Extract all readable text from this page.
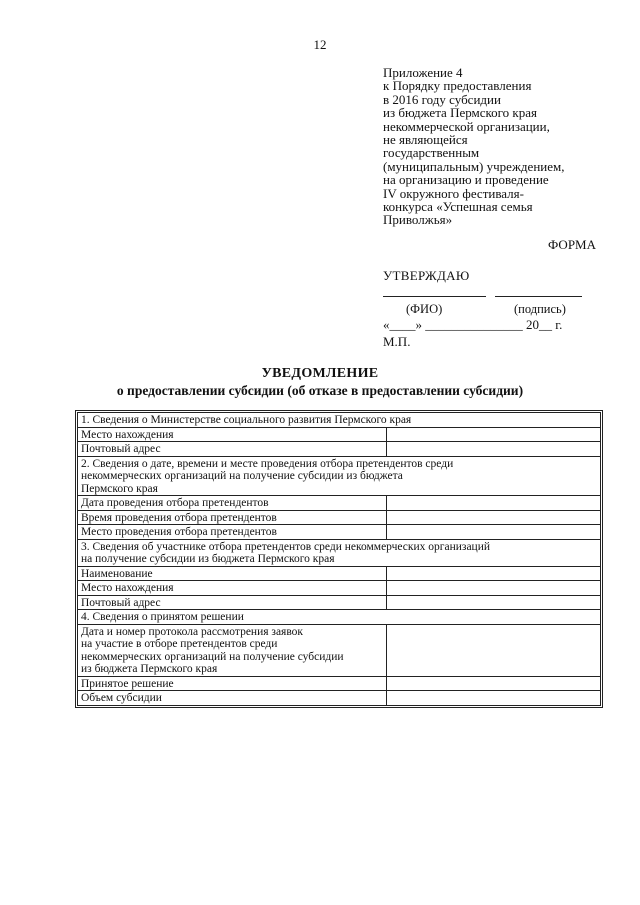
12
Приложение 4
к Порядку предоставления
в 2016 году субсидии
из бюджета Пермского края
некоммерческой организации,
не являющейся
государственным
(муниципальным) учреждением,
на организацию и проведение
IV окружного фестиваля-
конкурса «Успешная семья
Приволжья»
ФОРМА
УТВЕРЖДАЮ
(ФИО)	(подпись)
«____» _______________ 20__ г.
М.П.
УВЕДОМЛЕНИЕ
о предоставлении субсидии (об отказе в предоставлении субсидии)
1. Сведения о Министерстве социального развития Пермского края	
Место нахождения	
Почтовый адрес	
2. Сведения о дате, времени и месте проведения отбора претендентов среди
некоммерческих организаций на получение субсидии из бюджета
Пермского края	
Дата проведения отбора претендентов	
Время проведения отбора претендентов	
Место проведения отбора претендентов	
3. Сведения об участнике отбора претендентов среди некоммерческих организаций
на получение субсидии из бюджета Пермского края	
Наименование	
Место нахождения	
Почтовый адрес	
4. Сведения о принятом решении	
Дата и номер протокола рассмотрения заявок
на участие в отборе претендентов среди
некоммерческих организаций на получение субсидии
из бюджета Пермского края	
Принятое решение	
Объем субсидии	
